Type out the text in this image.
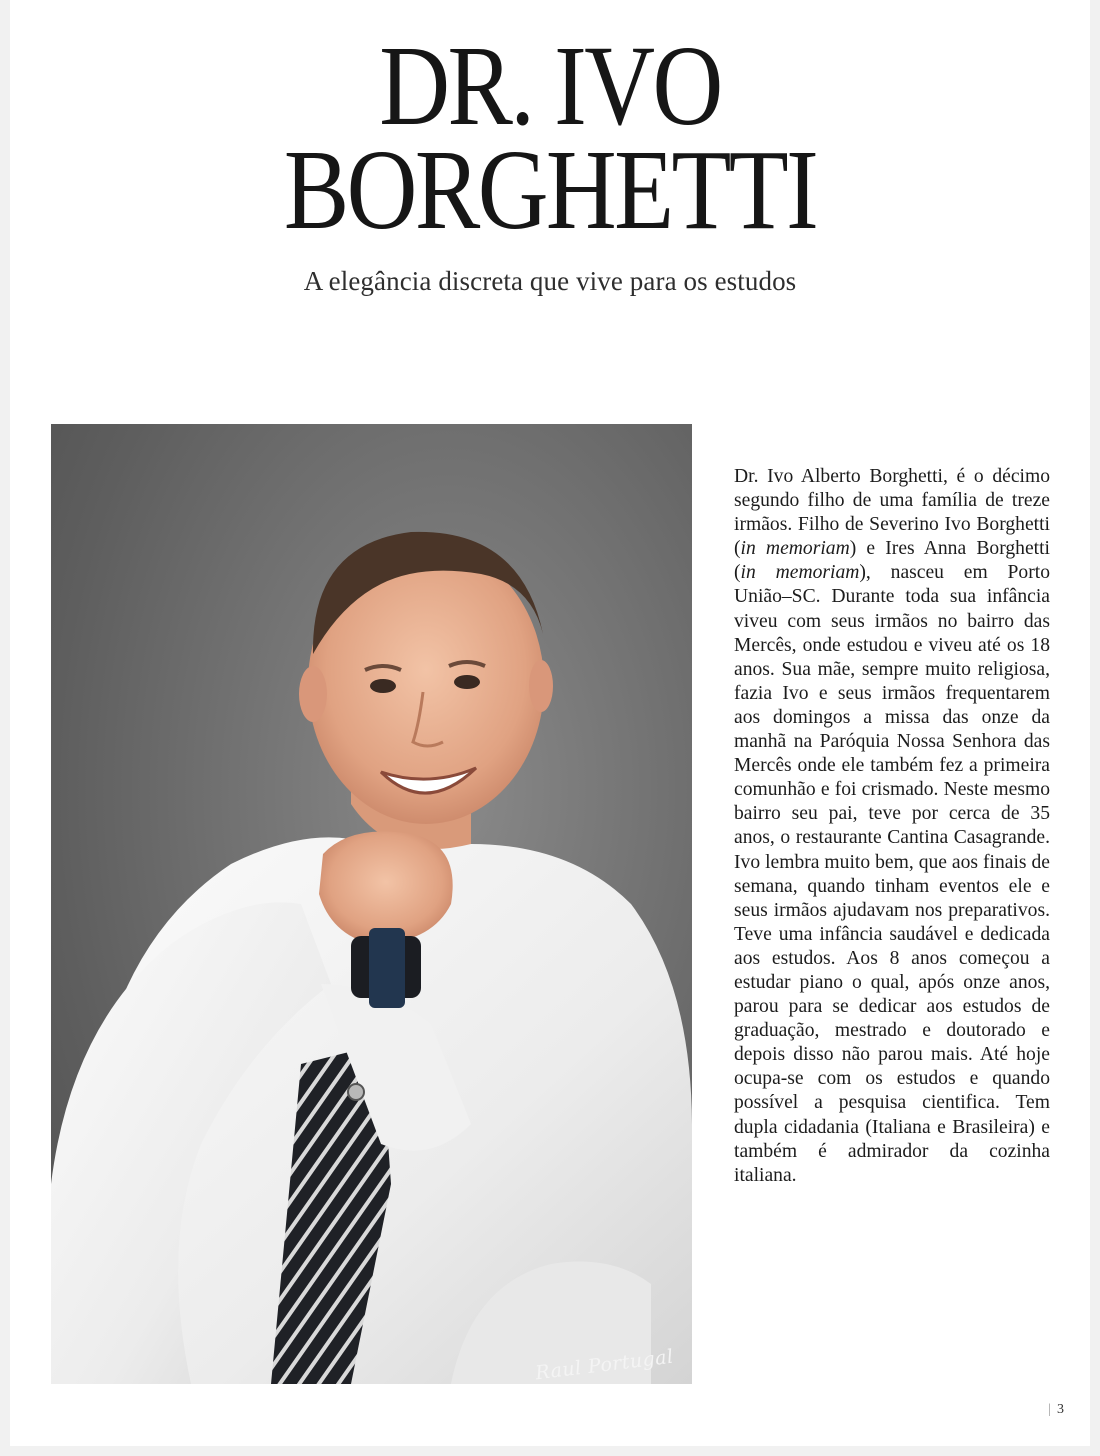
DR. IVO
BORGHETTI
A elegância discreta que vive para os estudos
Raul Portugal
Dr. Ivo Alberto Borghetti, é o décimo segundo filho de uma família de treze irmãos. Filho de Severino Ivo Borghetti (in memoriam) e Ires Anna Borghetti (in memoriam), nasceu em Porto União–SC. Durante toda sua infância viveu com seus irmãos no bairro das Mercês, onde estudou e viveu até os 18 anos. Sua mãe, sempre muito religiosa, fazia Ivo e seus irmãos frequentarem aos domingos a missa das onze da manhã na Paróquia Nossa Senhora das Mercês onde ele também fez a primeira comunhão e foi crismado. Neste mesmo bairro seu pai, teve por cerca de 35 anos, o restaurante Cantina Casagrande. Ivo lembra muito bem, que aos finais de semana, quando tinham eventos ele e seus irmãos ajudavam nos preparativos. Teve uma infância saudável e dedicada aos estudos. Aos 8 anos começou a estudar piano o qual, após onze anos, parou para se dedicar aos estudos de graduação, mestrado e doutorado e depois disso não parou mais. Até hoje ocupa-se com os estudos e quando possível a pesquisa cientifica. Tem dupla cidadania (Italiana e Brasileira) e também é admirador da cozinha italiana.
| 3
